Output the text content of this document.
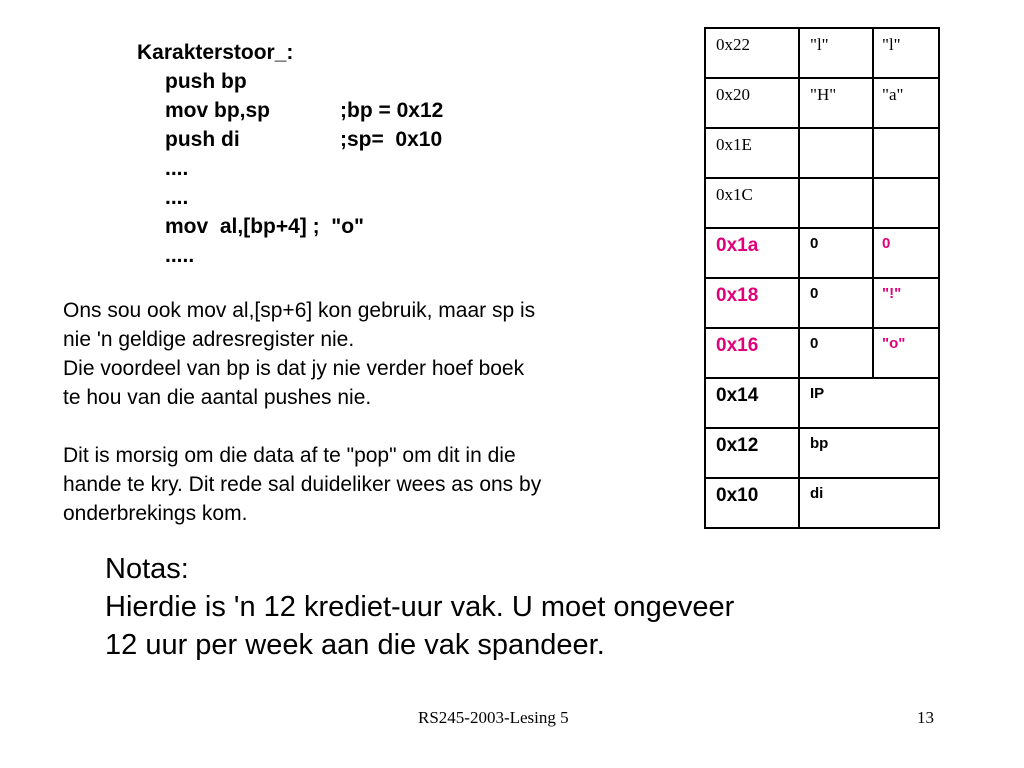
Karakterstoor_:
push bp
mov bp,sp	;bp = 0x12
push di	;sp=  0x10
....
....
mov  al,[bp+4] ;  "o"
.....

Ons sou ook mov al,[sp+6] kon gebruik, maar sp is

nie 'n geldige adresregister nie.

Die voordeel van bp is dat jy nie verder hoef boek

te hou van die aantal pushes nie.

Dit is morsig om die data af te "pop" om dit in die

hande te kry. Dit rede sal duideliker wees as ons by

onderbrekings kom.

0x22	"l"	"l"
0x20	"H"	"a"
0x1E		
0x1C		
0x1a	0	0
0x18	0	"!"
0x16	0	"o"
0x14	IP	
0x12	bp	
0x10	di	
Notas:
Hierdie is 'n 12 krediet-uur vak. U moet ongeveer
12 uur per week aan die vak spandeer.
RS245-2003-Lesing 5	13
